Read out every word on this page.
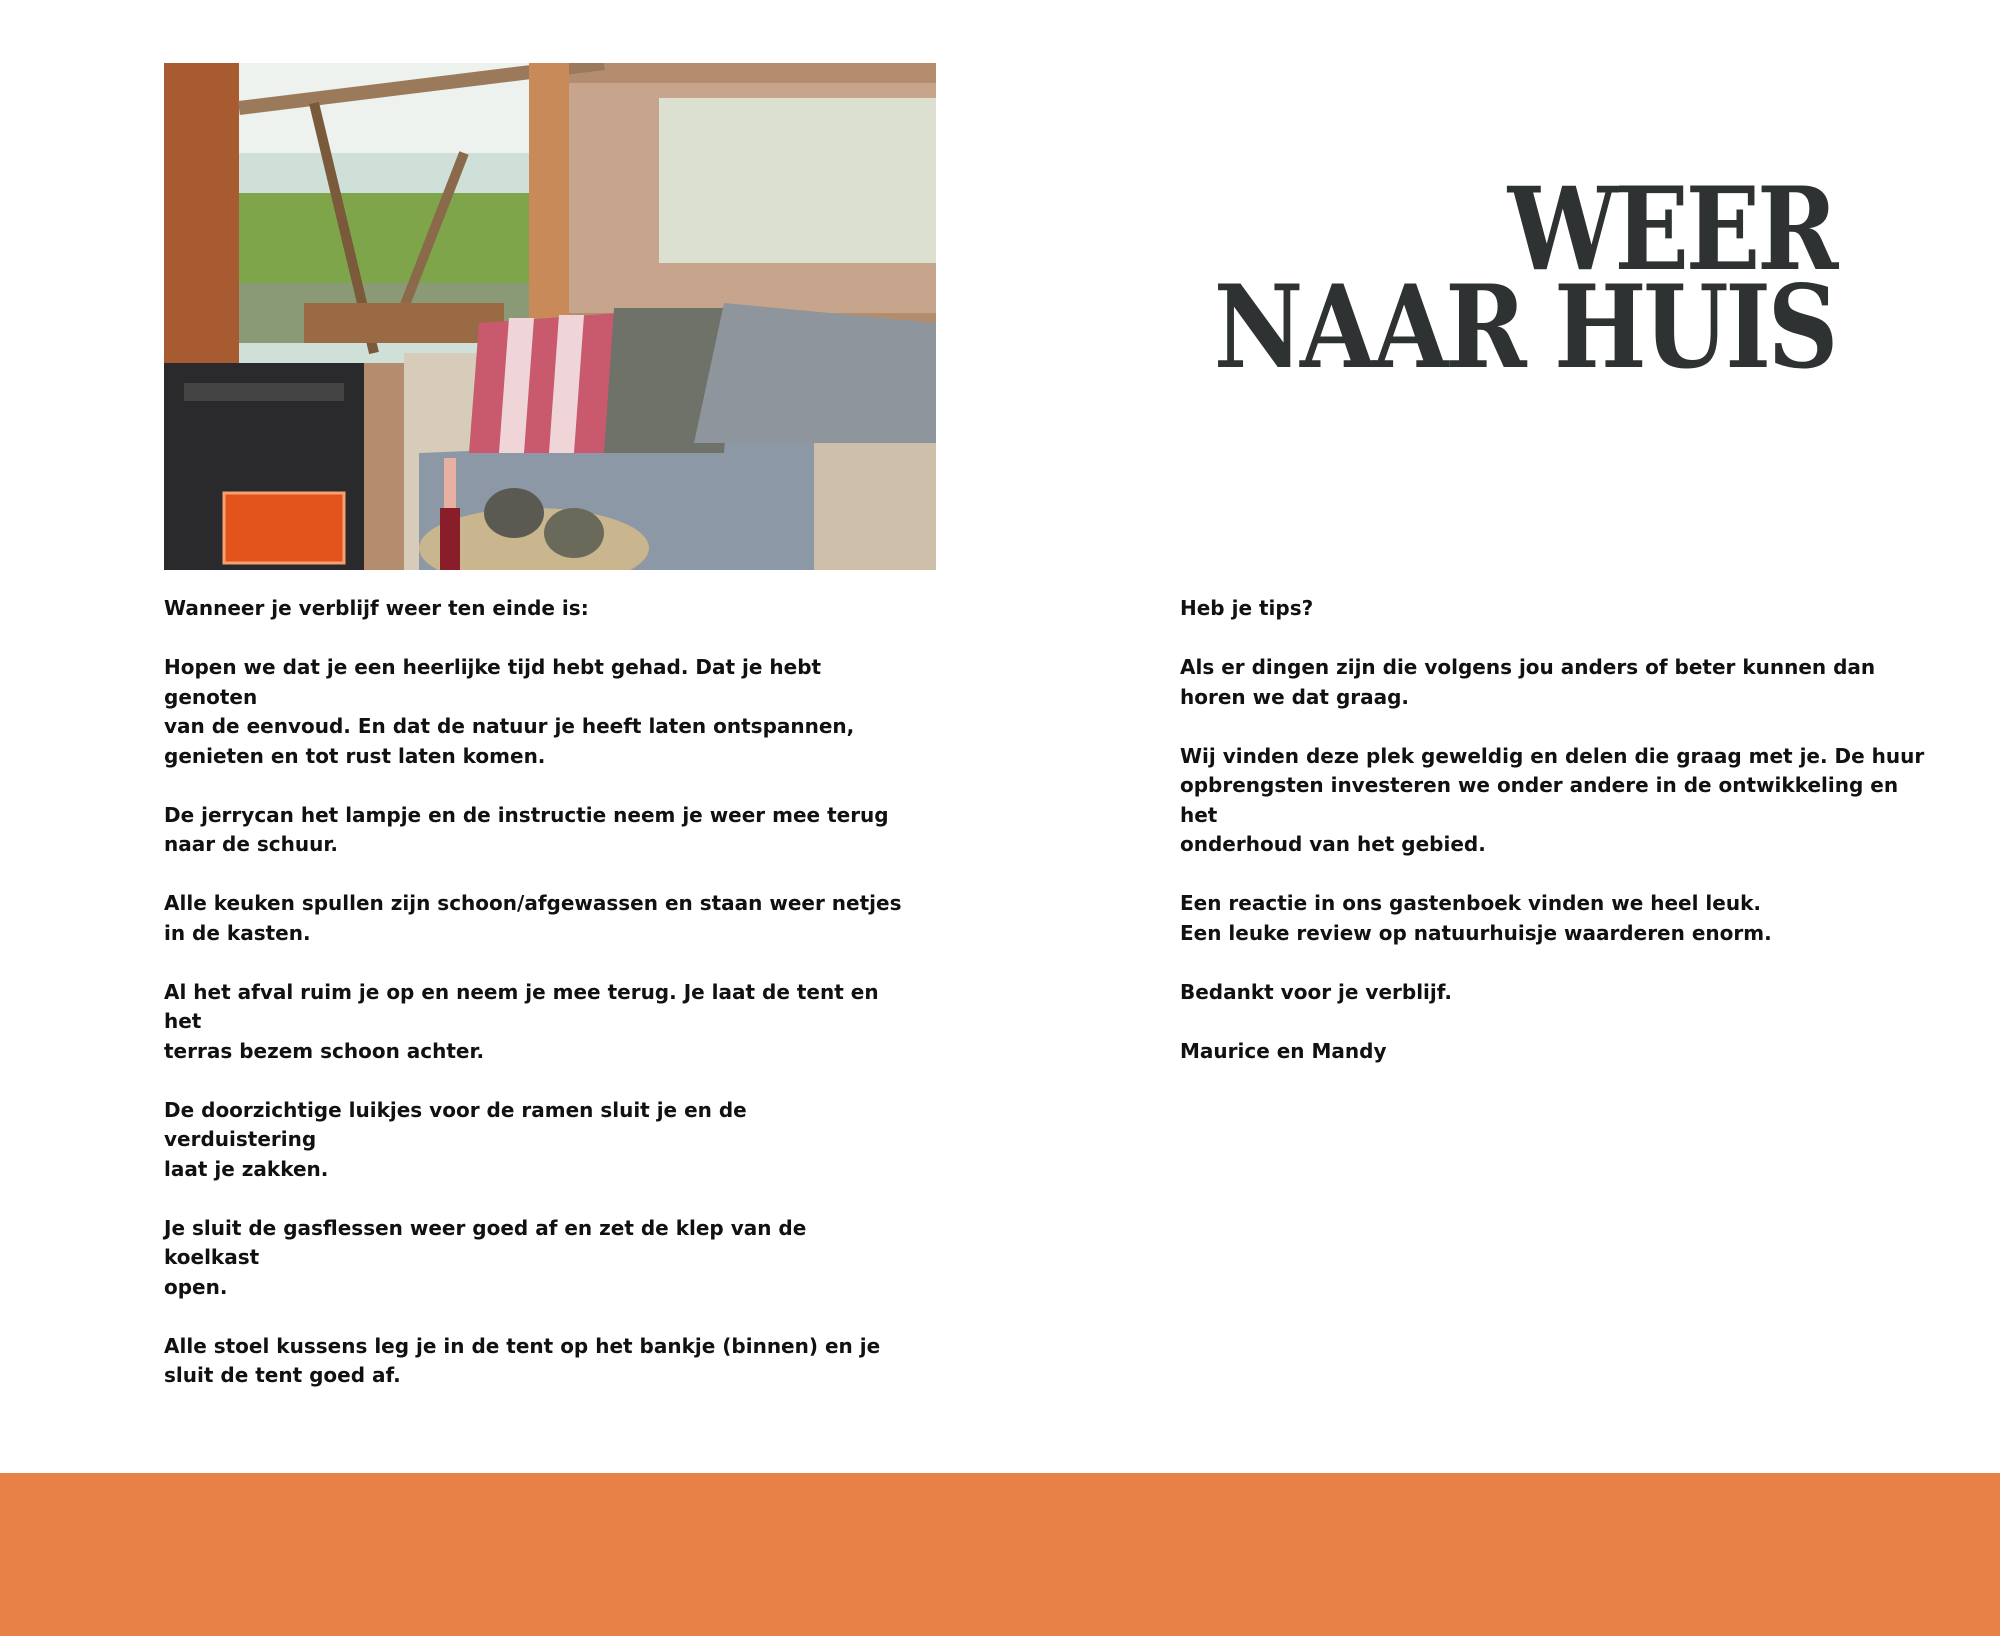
WEER
NAAR HUIS

Wanneer je verblijf weer ten einde is:

Hopen we dat je een heerlijke tijd hebt gehad. Dat je hebt genoten
van de eenvoud. En dat de natuur je heeft laten ontspannen,
genieten en tot rust laten komen.

De jerrycan het lampje en de instructie neem je weer mee terug
naar de schuur.

Alle keuken spullen zijn schoon/afgewassen en staan weer netjes
in de kasten.

Al het afval ruim je op en neem je mee terug. Je laat de tent en het
terras bezem schoon achter.

De doorzichtige luikjes voor de ramen sluit je en de verduistering
laat je zakken.

Je sluit de gasflessen weer goed af en zet de klep van de koelkast
open.

Alle stoel kussens leg je in de tent op het bankje (binnen) en je
sluit de tent goed af.

Heb je tips?

Als er dingen zijn die volgens jou anders of beter kunnen dan
horen we dat graag.

Wij vinden deze plek geweldig en delen die graag met je. De huur
opbrengsten investeren we onder andere in de ontwikkeling en het
onderhoud van het gebied.

Een reactie in ons gastenboek vinden we heel leuk.
Een leuke review op natuurhuisje waarderen enorm.

Bedankt voor je verblijf.

Maurice en Mandy
